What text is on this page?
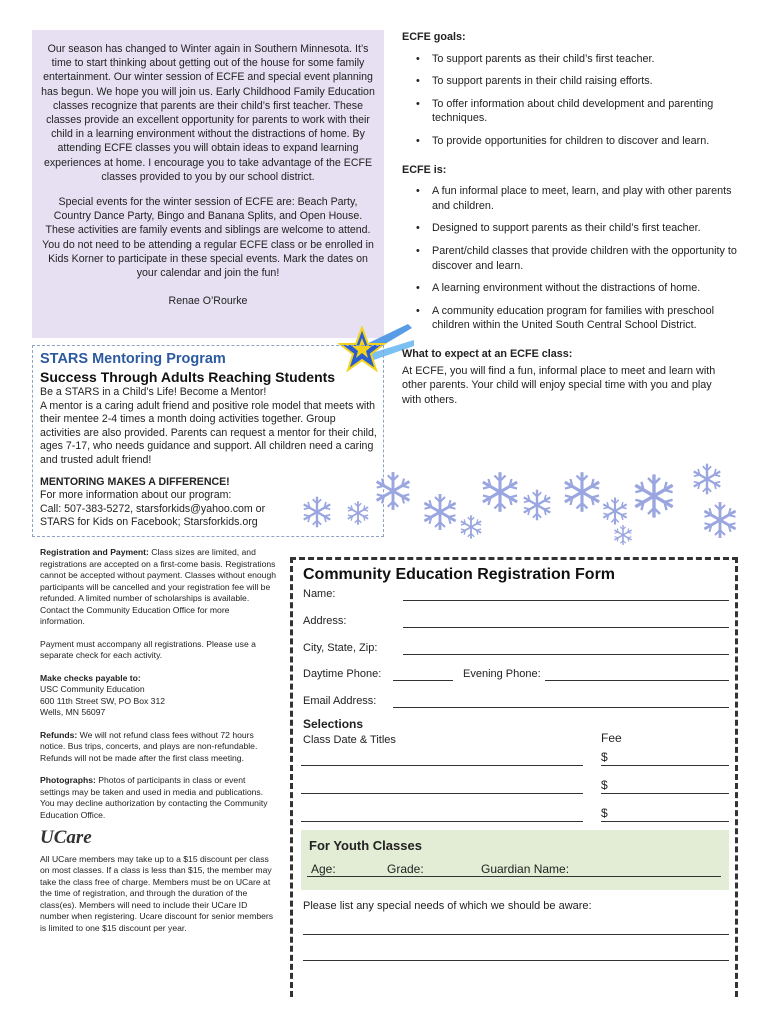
Our season has changed to Winter again in Southern Minnesota. It’s time to start thinking about getting out of the house for some family entertainment. Our winter session of ECFE and special event planning has begun. We hope you will join us. Early Childhood Family Education classes recognize that parents are their child’s first teacher. These classes provide an excellent opportunity for parents to work with their child in a learning environment without the distractions of home. By attending ECFE classes you will obtain ideas to expand learning experiences at home. I encourage you to take advantage of the ECFE classes provided to you by our school district.

Special events for the winter session of ECFE are: Beach Party, Country Dance Party, Bingo and Banana Splits, and Open House. These activities are family events and siblings are welcome to attend. You do not need to be attending a regular ECFE class or be enrolled in Kids Korner to participate in these special events. Mark the dates on your calendar and join the fun!

Renae O’Rourke

STARS Mentoring Program
Success Through Adults Reaching Students
Be a STARS in a Child’s Life! Become a Mentor!
A mentor is a caring adult friend and positive role model that meets with their mentee 2-4 times a month doing activities together. Group activities are also provided. Parents can request a mentor for their child, ages 7-17, who needs guidance and support. All children need a caring and trusted adult friend!
MENTORING MAKES A DIFFERENCE!
For more information about our program:
Call: 507-383-5272, starsforkids@yahoo.com or
STARS for Kids on Facebook; Starsforkids.org
ECFE goals:
• To support parents as their child’s first teacher.
• To support parents in their child raising efforts.
• To offer information about child development and parenting techniques.
• To provide opportunities for children to discover and learn.
ECFE is:
• A fun informal place to meet, learn, and play with other parents and children.
• Designed to support parents as their child’s first teacher.
• Parent/child classes that provide children with the opportunity to discover and learn.
• A learning environment without the distractions of home.
• A community education program for families with preschool children within the United South Central School District.
What to expect at an ECFE class:
At ECFE, you will find a fun, informal place to meet and learn with other parents. Your child will enjoy special time with you and play with others.

Registration and Payment: Class sizes are limited, and registrations are accepted on a first-come basis. Registrations cannot be accepted without payment. Classes without enough participants will be cancelled and your registration fee will be refunded. A limited number of scholarships is available. Contact the Community Education Office for more information.

Payment must accompany all registrations. Please use a separate check for each activity.

Make checks payable to:
USC Community Education
600 11th Street SW, PO Box 312
Wells, MN 56097

Refunds: We will not refund class fees without 72 hours notice. Bus trips, concerts, and plays are non-refundable. Refunds will not be made after the first class meeting.

Photographs: Photos of participants in class or event settings may be taken and used in media and publications. You may decline authorization by contacting the Community Education Office.

UCare

All UCare members may take up to a $15 discount per class on most classes. If a class is less than $15, the member may take the class free of charge. Members must be on UCare at the time of registration, and through the duration of the class(es). Members will need to include their UCare ID number when registering. Ucare discount for senior members is limited to one $15 discount per year.

Community Education Registration Form
Name:
Address:
City, State, Zip:
Daytime Phone:	Evening Phone:
Email Address:
Selections
Class Date & Titles	Fee
$
$
$
For Youth Classes
Age:	Grade:	Guardian Name:
Please list any special needs of which we should be aware:
